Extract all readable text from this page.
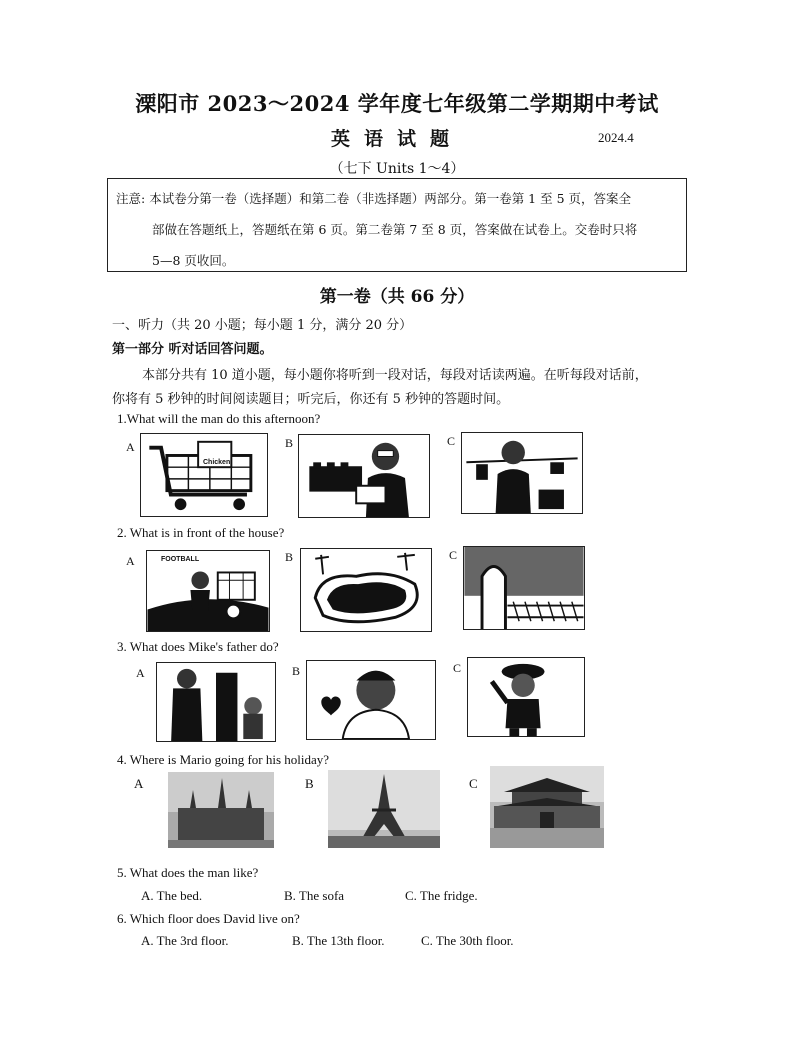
溧阳市 2023～2024 学年度七年级第二学期期中考试
英语试题	2024.4
（七下 Units 1～4）
注意: 本试卷分第一卷（选择题）和第二卷（非选择题）两部分。第一卷第 1 至 5 页，答案全
部做在答题纸上，答题纸在第 6 页。第二卷第 7 至 8 页，答案做在试卷上。交卷时只将
5—8 页收回。
第一卷（共 66 分）
一、听力（共 20 小题；每小题 1 分，满分 20 分）
第一部分 听对话回答问题。
本部分共有 10 道小题，每小题你将听到一段对话，每段对话读两遍。在听每段对话前，
你将有 5 秒钟的时间阅读题目；听完后，你还有 5 秒钟的答题时间。
1.What will the man do this afternoon?
A	B	C
Chicken
2. What is in front of the house?
A	B	C
FOOTBALL
3. What does Mike's father do?
A	B	C
4. Where is Mario going for his holiday?
A	B	C
5. What does the man like?
A. The bed.	B. The sofa	C. The fridge.
6. Which floor does David live on?
A. The 3rd floor.	B. The 13th floor.	C. The 30th floor.
